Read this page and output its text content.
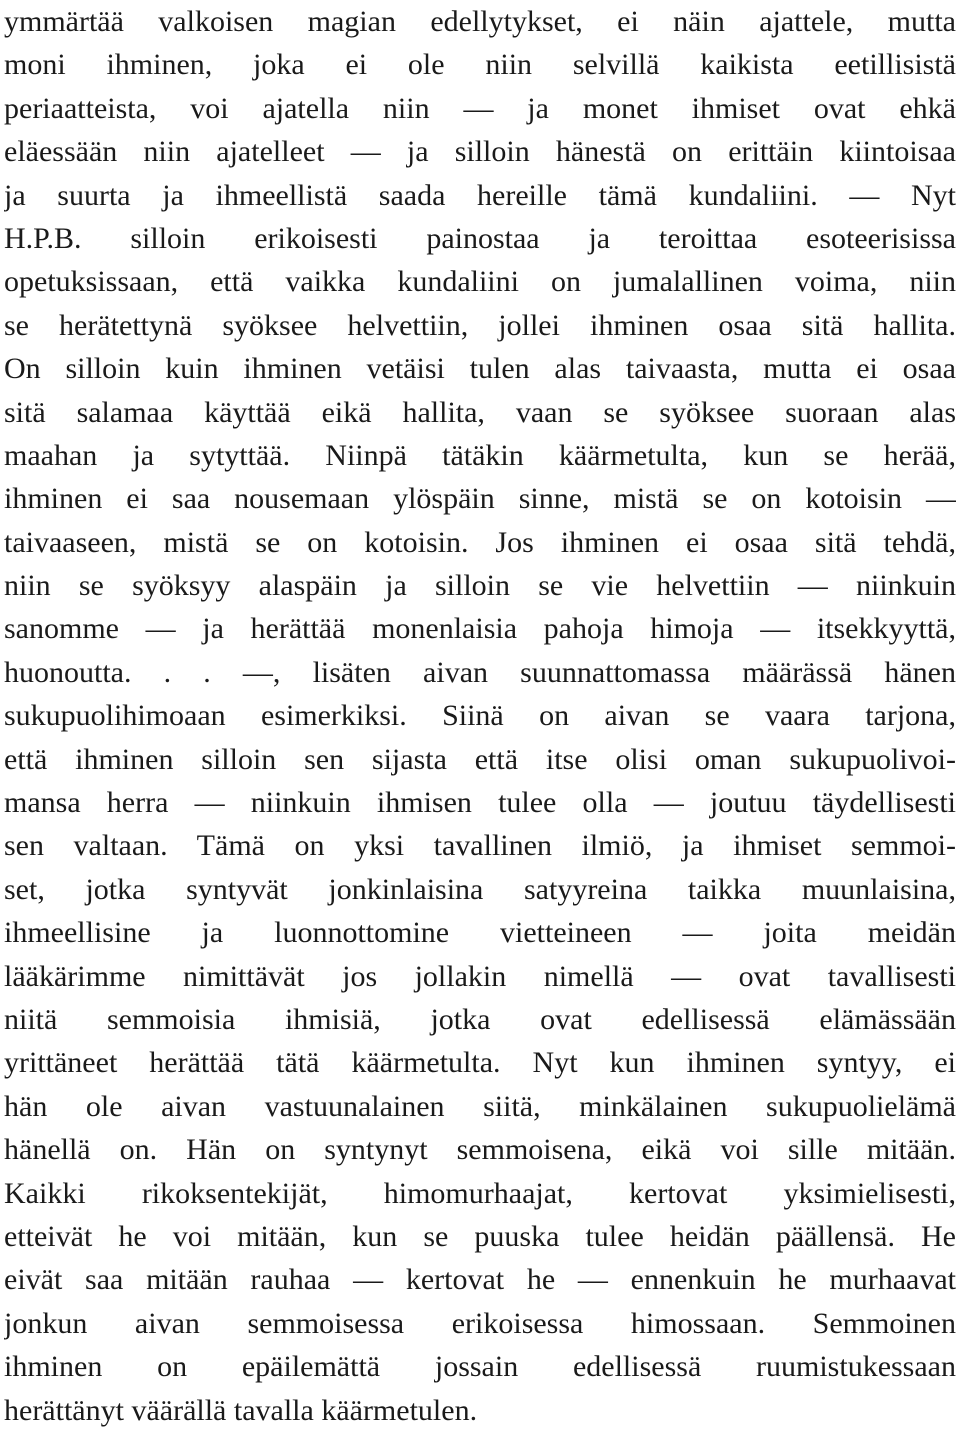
ymmärtää valkoisen magian edellytykset, ei näin ajattele, mutta
moni ihminen, joka ei ole niin selvillä kaikista eetillisistä
periaatteista, voi ajatella niin — ja monet ihmiset ovat ehkä
eläessään niin ajatelleet — ja silloin hänestä on erittäin kiintoisaa
ja suurta ja ihmeellistä saada hereille tämä kundaliini. — Nyt
H.P.B. silloin erikoisesti painostaa ja teroittaa esoteerisissa
opetuksissaan, että vaikka kundaliini on jumalallinen voima, niin
se herätettynä syöksee helvettiin, jollei ihminen osaa sitä hallita.
On silloin kuin ihminen vetäisi tulen alas taivaasta, mutta ei osaa
sitä salamaa käyttää eikä hallita, vaan se syöksee suoraan alas
maahan ja sytyttää. Niinpä tätäkin käärmetulta, kun se herää,
ihminen ei saa nousemaan ylöspäin sinne, mistä se on kotoisin —
taivaaseen, mistä se on kotoisin. Jos ihminen ei osaa sitä tehdä,
niin se syöksyy alaspäin ja silloin se vie helvettiin — niinkuin
sanomme — ja herättää monenlaisia pahoja himoja — itsekkyyttä,
huonoutta. . . —, lisäten aivan suunnattomassa määrässä hänen
sukupuolihimoaan esimerkiksi. Siinä on aivan se vaara tarjona,
että ihminen silloin sen sijasta että itse olisi oman sukupuolivoi-
mansa herra — niinkuin ihmisen tulee olla — joutuu täydellisesti
sen valtaan. Tämä on yksi tavallinen ilmiö, ja ihmiset semmoi-
set, jotka syntyvät jonkinlaisina satyyreina taikka muunlaisina,
ihmeellisine ja luonnottomine vietteineen — joita meidän
lääkärimme nimittävät jos jollakin nimellä — ovat tavallisesti
niitä semmoisia ihmisiä, jotka ovat edellisessä elämässään
yrittäneet herättää tätä käärmetulta. Nyt kun ihminen syntyy, ei
hän ole aivan vastuunalainen siitä, minkälainen sukupuolielämä
hänellä on. Hän on syntynyt semmoisena, eikä voi sille mitään.
Kaikki rikoksentekijät, himomurhaajat, kertovat yksimielisesti,
etteivät he voi mitään, kun se puuska tulee heidän päällensä. He
eivät saa mitään rauhaa — kertovat he — ennenkuin he murhaavat
jonkun aivan semmoisessa erikoisessa himossaan. Semmoinen
ihminen on epäilemättä jossain edellisessä ruumistukessaan
herättänyt väärällä tavalla käärmetulen.
